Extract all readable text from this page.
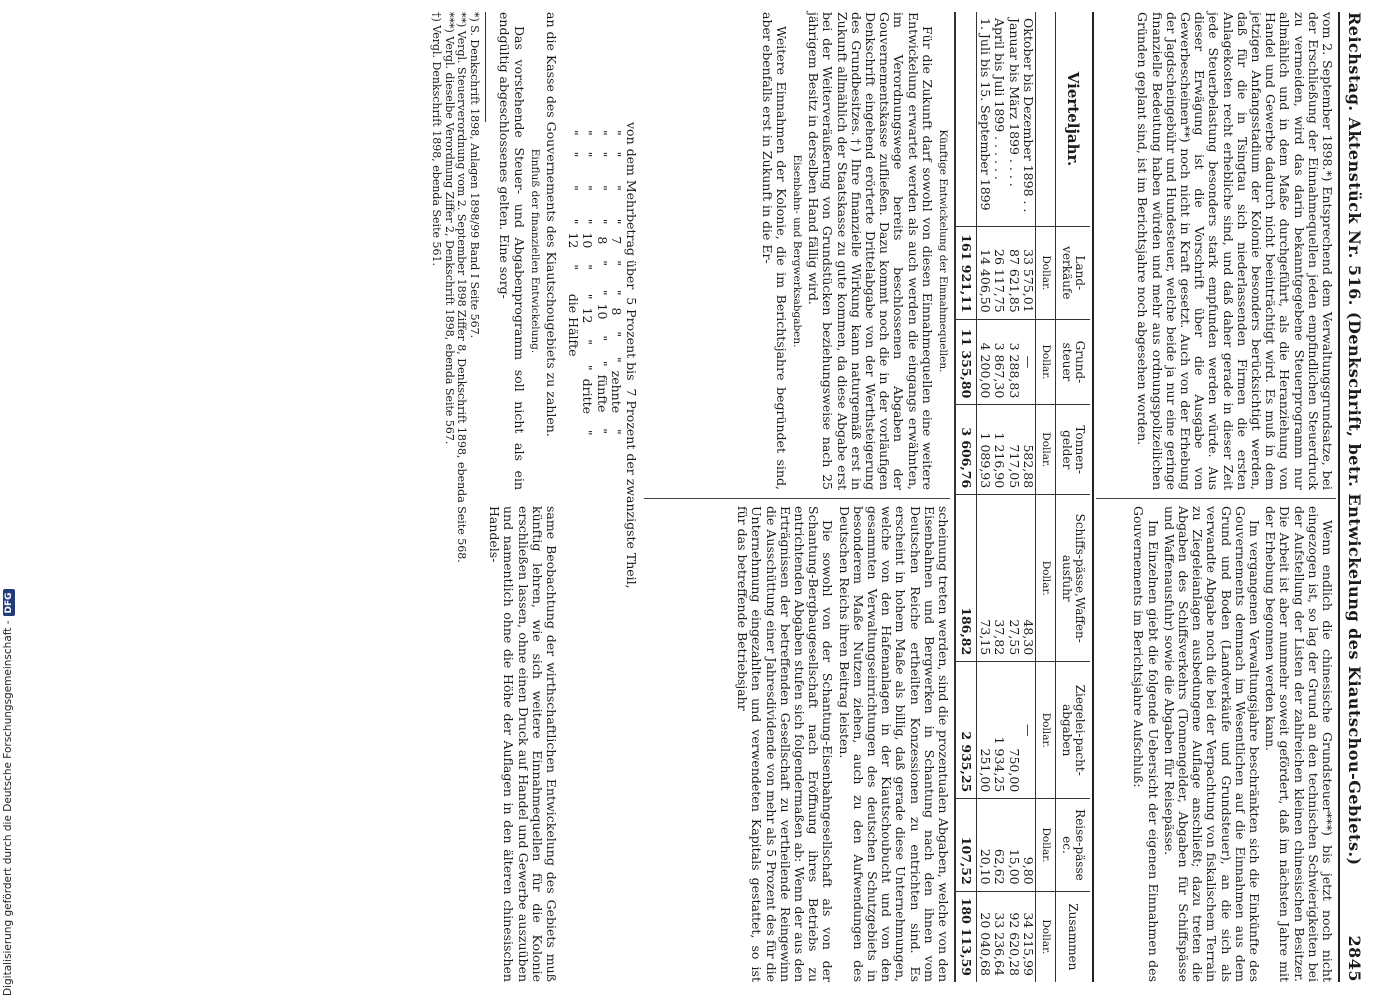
Reichstag. Aktenstück Nr. 516. (Denkschrift, betr. Entwickelung des Kiautschou-Gebiets.)
2845

vom 2. September 1898.*) Entsprechend dem Verwaltungsgrundsatze, bei der Erschließung der Einnahmequellen jeden empfindlichen Steuerdruck zu vermeiden, wird das darin bekanntgegebene Steuerprogramm nur allmählich und in dem Maße durchgeführt, als die Heranziehung von Handel und Gewerbe dadurch nicht beeinträchtigt wird. Es muß in dem jetzigen Anfangsstadium der Kolonie besonders berücksichtigt werden, daß für die in Tsingtau sich niederlassenden Firmen die ersten Anlagekosten recht erhebliche sind, und daß daher gerade in dieser Zeit jede Steuerbelastung besonders stark empfunden werden würde. Aus dieser Erwägung ist die Vorschrift über die Ausgabe von Gewerbescheinen**) noch nicht in Kraft gesetzt. Auch von der Erhebung der Jagdscheingebühr und Hundesteuer, welche beide ja nur eine geringe finanzielle Bedeutung haben würden und mehr aus ordnungspolizeilichen Gründen geplant sind, ist im Berichtsjahre noch abgesehen worden.

Wenn endlich die chinesische Grundsteuer***) bis jetzt noch nicht eingezogen ist, so lag der Grund an den technischen Schwierigkeiten bei der Aufstellung der Listen der zahlreichen kleinen chinesischen Besitzer. Die Arbeit ist aber nunmehr soweit gefördert, daß im nächsten Jahre mit der Erhebung begonnen werden kann.

Im vergangenen Verwaltungsjahre beschränkten sich die Einkünfte des Gouvernements demnach im Wesentlichen auf die Einnahmen aus dem Grund und Boden (Landverkäufe und Grundsteuer), an die sich als verwandte Abgabe noch die bei der Verpachtung von fiskalischem Terrain zu Ziegeleianlagen ausbedungene Auflage anschließt; dazu treten die Abgaben des Schiffsverkehrs (Tonnengelder, Abgaben für Schiffspässe und Waffenausfuhr) sowie die Abgaben für Reisepässe.

Im Einzelnen giebt die folgende Uebersicht der eigenen Einnahmen des Gouvernements im Berichtsjahre Aufschluß:

Vierteljahr.	Land-verkäufe	Grund-steuer	Tonnen-gelder	Schiffs-pässe,Waffen-ausfuhr	Ziegelei-pacht-abgaben	Reise-pässe ec.	Zusammen
	Dollar.	Dollar.	Dollar.	Dollar.	Dollar.	Dollar.	Dollar.
Oktober bis Dezember 1898 . .	33 575,01	—	582,88	48,30	—	9,80	34 215,99
Januar bis März 1899 . . . .	87 621,85	3 288,83	717,05	27,55	750,00	15,00	92 620,28
April bis Juli 1899 . . . . . .	26 117,75	3 867,30	1 216,90	37,82	1 934,25	62,62	33 236,64
1. Juli bis 15. September 1899	14 406,50	4 200,00	1 089,93	73,15	251,00	20,10	20 040,68
	161 921,11	11 355,80	3 606,76	186,82	2 935,25	107,52	180 113,59

Künftige Entwickelung der Einnahmequellen.

Für die Zukunft darf sowohl von diesen Einnahmequellen eine weitere Entwickelung erwartet werden als auch werden die eingangs erwähnten, im Verordnungswege bereits beschlossenen Abgaben der Gouvernementskasse zufließen. Dazu kommt noch die in der vorläufigen Denkschrift eingehend erörterte Drittelabgabe von der Werthsteigerung des Grundbesitzes.†) Ihre finanzielle Wirkung kann naturgemäß erst in Zukunft allmählich der Staatskasse zu gute kommen, da diese Abgabe erst bei der Weiterveräußerung von Grundstücken beziehungsweise nach 25 jährigem Besitz in derselben Hand fällig wird.

Eisenbahn- und Bergwerksabgaben.

Weitere Einnahmen der Kolonie, die im Berichtsjahre begründet sind, aber ebenfalls erst in Zukunft in die Er-

scheinung treten werden, sind die prozentualen Abgaben, welche von den Eisenbahnen und Bergwerken in Schantung nach den ihnen vom Deutschen Reiche ertheilten Konzessionen zu entrichten sind. Es erscheint in hohem Maße als billig, daß gerade diese Unternehmungen, welche von den Hafenanlagen in der Kiautschoubucht und von den gesammten Verwaltungseinrichtungen des deutschen Schutzgebiets in besonderem Maße Nutzen ziehen, auch zu den Aufwendungen des Deutschen Reichs ihren Beitrag leisten.

Die sowohl von der Schantung-Eisenbahngesellschaft als von der Schantung-Bergbaugesellschaft nach Eröffnung ihres Betriebs zu entrichtenden Abgaben stufen sich folgendermaßen ab: Wenn der aus den Erträgnissen der betreffenden Gesellschaft zu vertheilende Reingewinn die Ausschüttung einer Jahresdividende von mehr als 5 Prozent des für die Unternehmung eingezahlten und verwendeten Kapitals gestattet, so ist für das betreffende Betriebsjahr

von dem Mehrbetrag über  5 Prozent bis  7 Prozent der zwanzigste Theil,
"    "       "       "   7    "      "   8    "     "  zehnte    "
"    "       "       "   8    "      "  10    "     "  fünfte    "
"    "       "       "  10    "      "  12    "     "  dritte    "
"    "       "       "  12    "      die Hälfte

an die Kasse des Gouvernements des Kiautschougebiets zu zahlen.

Einfluß der finanziellen Entwickelung.

Das vorstehende Steuer- und Abgabenprogramm soll nicht als ein endgültig abgeschlossenes gelten. Eine sorg-

same Beobachtung der wirthschaftlichen Entwickelung des Gebiets muß künftig lehren, wie sich weitere Einnahmequellen für die Kolonie erschließen lassen, ohne einen Druck auf Handel und Gewerbe auszuüben und namentlich ohne die Höhe der Auflagen in den älteren chinesischen Handels-

*) S. Denkschrift 1898, Anlagen 1898/99 Band I Seite 567.
**) Vergl. Steuerverordnung vom 2. September 1898 Ziffer 8, Denkschrift 1898, ebenda Seite 568.
***) Vergl. dieselbe Verordnung Ziffer 2, Denkschrift 1898, ebenda Seite 567.
†) Vergl. Denkschrift 1898, ebenda Seite 561.
Digitalisierung gefördert durch die Deutsche Forschungsgemeinschaft -DFG
